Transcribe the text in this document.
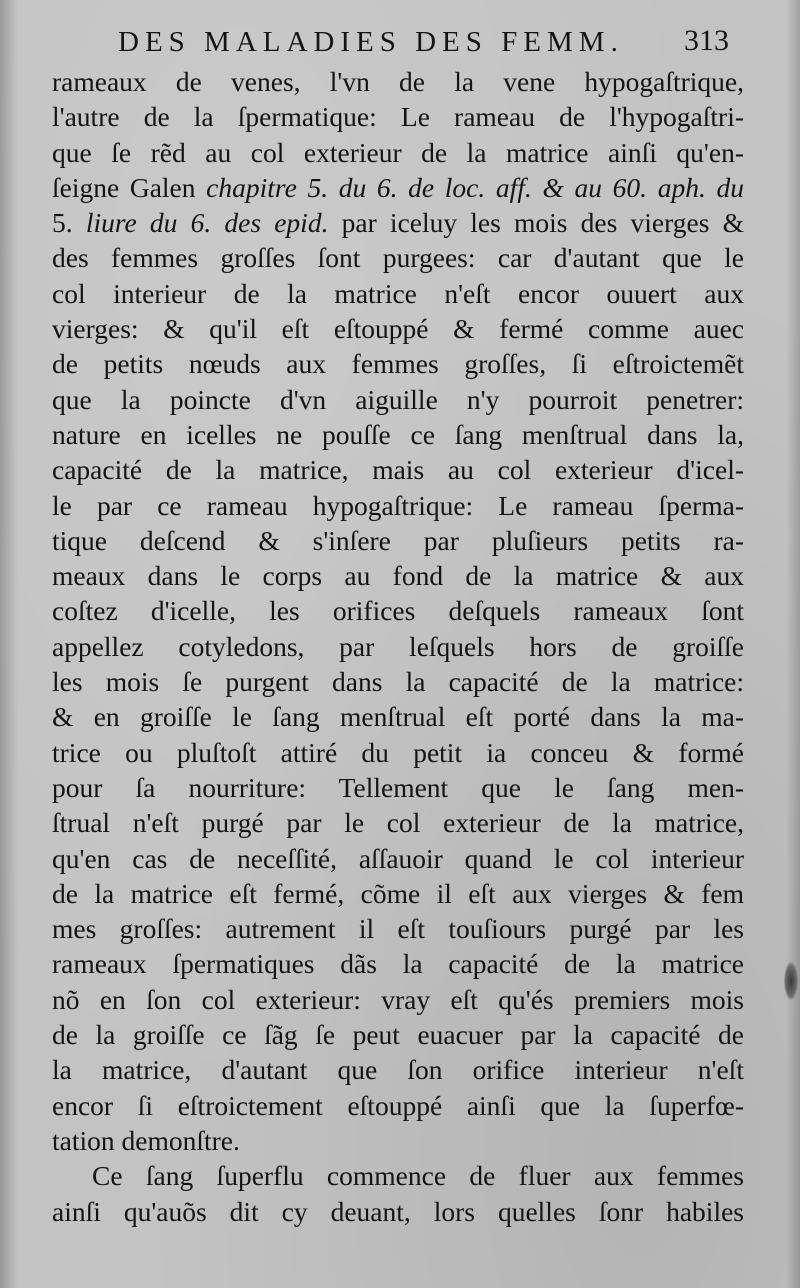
DES MALADIES DES FEMM.	313
rameaux de venes, l'vn de la vene hypogaſtrique,
l'autre de la ſpermatique: Le rameau de l'hypogaſtri-
que ſe rẽd au col exterieur de la matrice ainſi qu'en-
ſeigne Galen chapitre 5. du 6. de loc. aff. & au 60. aph. du
5. liure du 6. des epid. par iceluy les mois des vierges &
des femmes groſſes ſont purgees: car d'autant que le
col interieur de la matrice n'eſt encor ouuert aux
vierges: & qu'il eſt eſtouppé & fermé comme auec
de petits nœuds aux femmes groſſes, ſi eſtroictemẽt
que la poincte d'vn aiguille n'y pourroit penetrer:
nature en icelles ne pouſſe ce ſang menſtrual dans la,
capacité de la matrice, mais au col exterieur d'icel-
le par ce rameau hypogaſtrique: Le rameau ſperma-
tique deſcend & s'inſere par pluſieurs petits ra-
meaux dans le corps au fond de la matrice & aux
coſtez d'icelle, les orifices deſquels rameaux ſont
appellez cotyledons, par leſquels hors de groiſſe
les mois ſe purgent dans la capacité de la matrice:
& en groiſſe le ſang menſtrual eſt porté dans la ma-
trice ou pluſtoſt attiré du petit ia conceu & formé
pour ſa nourriture: Tellement que le ſang men-
ſtrual n'eſt purgé par le col exterieur de la matrice,
qu'en cas de neceſſité, aſſauoir quand le col interieur
de la matrice eſt fermé, cõme il eſt aux vierges & fem
mes groſſes: autrement il eſt touſiours purgé par les
rameaux ſpermatiques dãs la capacité de la matrice
nõ en ſon col exterieur: vray eſt qu'és premiers mois
de la groiſſe ce ſãg ſe peut euacuer par la capacité de
la matrice, d'autant que ſon orifice interieur n'eſt
encor ſi eſtroictement eſtouppé ainſi que la ſuperfœ-
tation demonſtre.
Ce ſang ſuperflu commence de fluer aux femmes
ainſi qu'auõs dit cy deuant, lors quelles ſonr habiles
